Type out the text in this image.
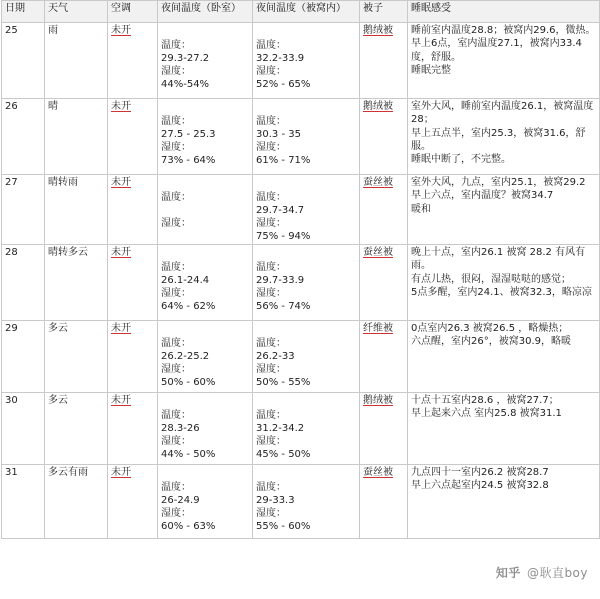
日期	天气	空调	夜间温度（卧室）	夜间温度（被窝内）	被子	睡眠感受
25	雨	未开	温度：
29.3-27.2
湿度：
44%-54%	温度：
32.2-33.9
湿度：
52% - 65%	鹅绒被	睡前室内温度28.8；被窝内29.6，微热。
早上6点，室内温度27.1，被窝内33.4度，舒服。
睡眠完整

26	晴	未开	温度：
27.5 - 25.3
湿度：
73% - 64%	温度：
30.3 - 35
湿度：
61% - 71%	鹅绒被	室外大风，睡前室内温度26.1，被窝温度28；
早上五点半，室内25.3，被窝31.6，舒服。
睡眠中断了，不完整。

27	晴转雨	未开	温度：
湿度：	温度：
29.7-34.7
湿度：
75% - 94%	蚕丝被	室外大风，九点，室内25.1，被窝29.2
早上六点，室内温度？被窝34.7
暖和

28	晴转多云	未开	温度：
26.1-24.4
湿度：
64% - 62%	温度：
29.7-33.9
湿度：
56% - 74%	蚕丝被	晚上十点，室内26.1 被窝 28.2 有风有雨。
有点儿热，很闷，湿湿哒哒的感觉；
5点多醒，室内24.1、被窝32.3，略凉凉

29	多云	未开	温度：
26.2-25.2
湿度：
50% - 60%	温度：
26.2-33
湿度：
50% - 55%	纤维被	0点室内26.3 被窝26.5 ，略燥热；
六点醒，室内26°，被窝30.9，略暖

30	多云	未开	温度：
28.3-26
湿度：
44% - 50%	温度：
31.2-34.2
湿度：
45% - 50%	鹅绒被	十点十五室内28.6 ，被窝27.7；
早上起来六点 室内25.8 被窝31.1

31	多云有雨	未开	温度：
26-24.9
湿度：
60% - 63%	温度：
29-33.3
湿度：
55% - 60%	蚕丝被	九点四十一室内26.2 被窝28.7
早上六点起室内24.5 被窝32.8
知乎 @耿直boy
